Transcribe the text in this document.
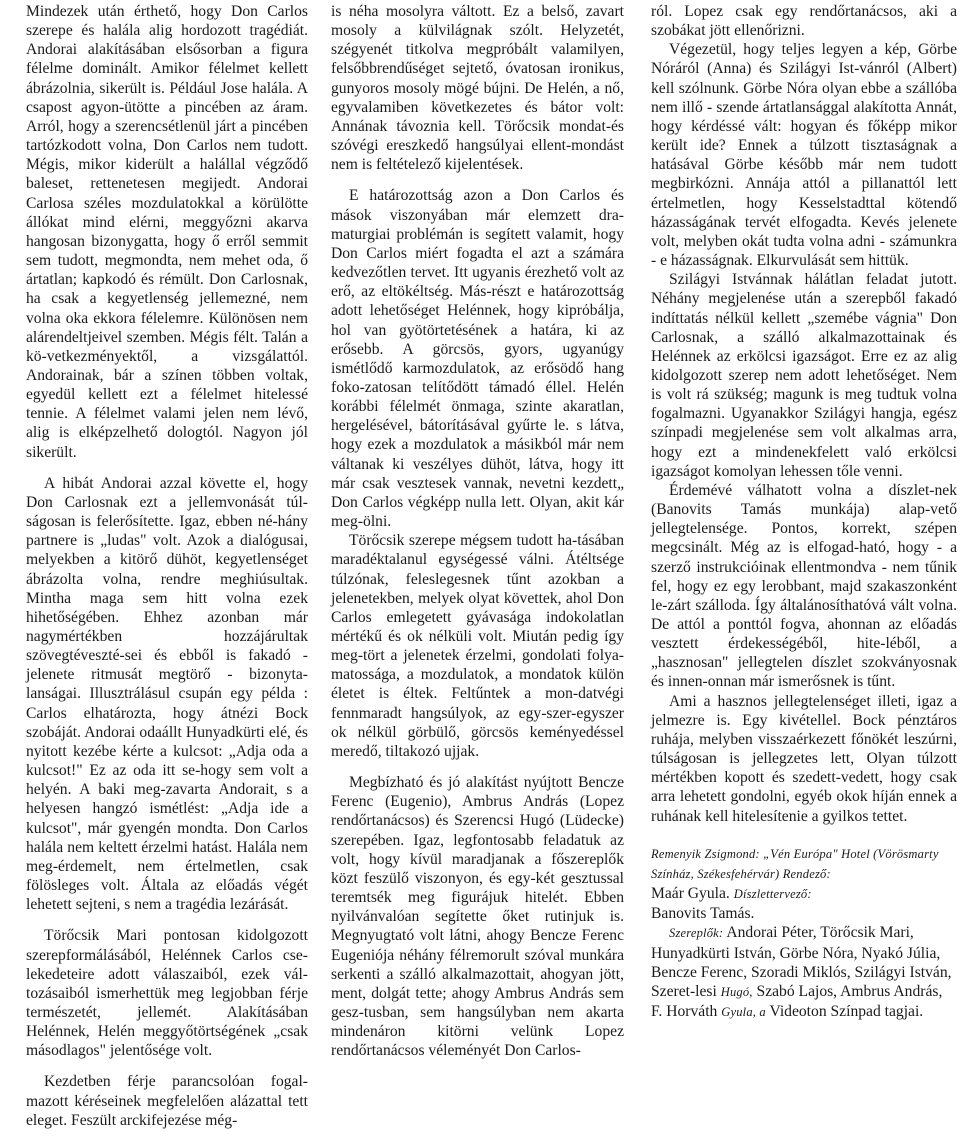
Mindezek után érthető, hogy Don Carlos szerepe és halála alig hordozott tragédiát. Andorai alakításában elsősorban a figura félelme dominált. Amikor félelmet kellett ábrázolnia, sikerült is. Például Jose halála. A csapost agyon-ütötte a pincében az áram. Arról, hogy a szerencsétlenül járt a pincében tartózkodott volna, Don Carlos nem tudott. Mégis, mikor kiderült a halállal végződő baleset, rettenetesen megijedt. Andorai Carlosa széles mozdulatokkal a körülötte állókat mind elérni, meggyőzni akarva hangosan bizonygatta, hogy ő erről semmit sem tudott, megmondta, nem mehet oda, ő ártatlan; kapkodó és rémült. Don Carlosnak, ha csak a kegyetlenség jellemezné, nem volna oka ekkora félelemre. Különösen nem alárendeltjeivel szemben. Mégis félt. Talán a kö-vetkezményektől, a vizsgálattól. Andorainak, bár a színen többen voltak, egyedül kellett ezt a félelmet hitelessé tennie. A félelmet valami jelen nem lévő, alig is elképzelhető dologtól. Nagyon jól sikerült.

A hibát Andorai azzal követte el, hogy Don Carlosnak ezt a jellemvonását túl-ságosan is felerősítette. Igaz, ebben né-hány partnere is „ludas" volt. Azok a dialógusai, melyekben a kitörő dühöt, kegyetlenséget ábrázolta volna, rendre meghiúsultak. Mintha maga sem hitt volna ezek hihetőségében. Ehhez azonban már nagymértékben hozzájárultak szövegtéveszté-sei és ebből is fakadó - jelenete ritmusát megtörő - bizonyta-lanságai. Illusztrálásul csupán egy példa : Carlos elhatározta, hogy átnézi Bock szobáját. Andorai odaállt Hunyadkürti elé, és nyitott kezébe kérte a kulcsot: „Adja oda a kulcsot!" Ez az oda itt se-hogy sem volt a helyén. A baki meg-zavarta Andorait, s a helyesen hangzó ismétlést: „Adja ide a kulcsot", már gyengén mondta. Don Carlos halála nem keltett érzelmi hatást. Halála nem meg-érdemelt, nem értelmetlen, csak fölösleges volt. Általa az előadás végét lehetett sejteni, s nem a tragédia lezárását.

Törőcsik Mari pontosan kidolgozott szerepformálásából, Helénnek Carlos cse-lekedeteire adott válaszaiból, ezek vál-tozásaiból ismerhettük meg legjobban férje természetét, jellemét. Alakításában Helénnek, Helén meggyőtörtségének „csak másodlagos" jelentősége volt.

Kezdetben férje parancsolóan fogal-mazott kéréseinek megfelelően alázattal tett eleget. Feszült arckifejezése még-

is néha mosolyra váltott. Ez a belső, zavart mosoly a külvilágnak szólt. Helyzetét, szégyenét titkolva megpróbált valamilyen, felsőbbrendűséget sejtető, óvatosan ironikus, gunyoros mosoly mögé bújni. De Helén, a nő, egyvalamiben következetes és bátor volt: Annának távoznia kell. Törőcsik mondat-és szóvégi ereszkedő hangsúlyai ellent-mondást nem is feltételező kijelentések.

E határozottság azon a Don Carlos és mások viszonyában már elemzett dra-maturgiai problémán is segített valamit, hogy Don Carlos miért fogadta el azt a számára kedvezőtlen tervet. Itt ugyanis érezhető volt az erő, az eltökéltség. Más-részt e határozottság adott lehetőséget Helénnek, hogy kiprόbálja, hol van gyötörtetésének a határa, ki az erősebb. A görcsös, gyors, ugyanúgy ismétlődő karmozdulatok, az erősödő hang foko-zatosan telítődött támadó éllel. Helén korábbi félelmét önmaga, szinte akaratlan, hergelésével, bátorításával gyűrte le. s látva, hogy ezek a mozdulatok a másikból már nem váltanak ki veszélyes dühöt, látva, hogy itt már csak vesztesek vannak, nevetni kezdett„ Don Carlos végképp nulla lett. Olyan, akit kár meg-ölni.

Törőcsik szerepe mégsem tudott ha-tásában maradéktalanul egységessé válni. Átéltsége túlzónak, feleslegesnek tűnt azokban a jelenetekben, melyek olyat követtek, ahol Don Carlos emlegetett gyávasága indokolatlan mértékű és ok nélküli volt. Miután pedig így meg-tört a jelenetek érzelmi, gondolati folya-matossága, a mozdulatok, a mondatok külön életet is éltek. Feltűntek a mon-datvégi fennmaradt hangsúlyok, az egy-szer-egyszer ok nélkül görbülő, görcsös keményedéssel meredő, tiltakozó ujjak.

Megbízható és jó alakítást nyújtott Bencze Ferenc (Eugenio), Ambrus András (Lopez rendőrtanácsos) és Szerencsi Hugó (Lüdecke) szerepében. Igaz, legfontosabb feladatuk az volt, hogy kívül maradjanak a főszereplők közt feszülő viszonyon, és egy-két gesztussal teremtsék meg figurájuk hitelét. Ebben nyilvánvalóan segítette őket rutinjuk is. Megnyugtató volt látni, ahogy Bencze Ferenc Eugeniója néhány félremorult szóval munkára serkenti a szálló alkalmazottait, ahogyan jött, ment, dolgát tette; ahogy Ambrus András sem gesz-tusban, sem hangsúlyban nem akarta mindenáron kitörni velünk Lopez rendőrtanácsos véleményét Don Carlos-

ról. Lopez csak egy rendőrtanácsos, aki a szobákat jött ellenőrizni.

Végezetül, hogy teljes legyen a kép, Görbe Nóráról (Anna) és Szilágyi Ist-vánról (Albert) kell szólnunk. Görbe Nóra olyan ebbe a szállóba nem illő - szende ártatlansággal alakította Annát, hogy kérdéssé vált: hogyan és főképp mikor került ide? Ennek a túlzott tisztaságnak a hatásával Görbe később már nem tudott megbirkózni. Annája attól a pillanattól lett értelmetlen, hogy Kesselstadttal kötendő házasságának tervét elfogadta. Kevés jelenete volt, melyben okát tudta volna adni - számunkra - e házasságnak. Elkurvulását sem hittük.

Szilágyi Istvánnak hálátlan feladat jutott. Néhány megjelenése után a szerepből fakadó indíttatás nélkül kellett „szemébe vágnia" Don Carlosnak, a szálló alkalmazottainak és Helénnek az erkölcsi igazságot. Erre ez az alig kidolgozott szerep nem adott lehetőséget. Nem is volt rá szükség; magunk is meg tudtuk volna fogalmazni. Ugyanakkor Szilágyi hangja, egész színpadi megjelenése sem volt alkalmas arra, hogy ezt a mindenekfelett való erkölcsi igazságot komolyan lehessen tőle venni.

Érdemévé válhatott volna a díszlet-nek (Banovits Tamás munkája) alap-vető jellegtelensége. Pontos, korrekt, szépen megcsinált. Még az is elfogad-ható, hogy - a szerző instrukcióinak ellentmondva - nem tűnik fel, hogy ez egy lerobbant, majd szakaszonként le-zárt szálloda. Így általánosíthatóvá vált volna. De attól a ponttól fogva, ahonnan az előadás vesztett érdekességéből, hite-léből, a „hasznosan" jellegtelen díszlet szokványosnak és innen-onnan már ismerősnek is tűnt.

Ami a hasznos jellegtelenséget illeti, igaz a jelmezre is. Egy kivétellel. Bock pénztáros ruhája, melyben visszaérkezett főnökét leszúrni, túlságosan is jellegzetes lett, Olyan túlzott mértékben kopott és szedett-vedett, hogy csak arra lehetett gondolni, egyéb okok híján ennek a ruhának kell hitelesítenie a gyilkos tettet.

Remenyik Zsigmond: „Vén Európa" Hotel (Vörösmarty Színház, Székesfehérvár) Rendező:

Maár Gyula. Díszlettervező:

Banovits Tamás.

Szereplők: Andorai Péter, Törőcsik Mari, Hunyadkürti István, Görbe Nóra, Nyakó Júlia, Bencze Ferenc, Szoradi Miklós, Szilágyi István, Szeret-lesi Hugó, Szabó Lajos, Ambrus András, F. Horváth Gyula, a Videoton Színpad tagjai.
